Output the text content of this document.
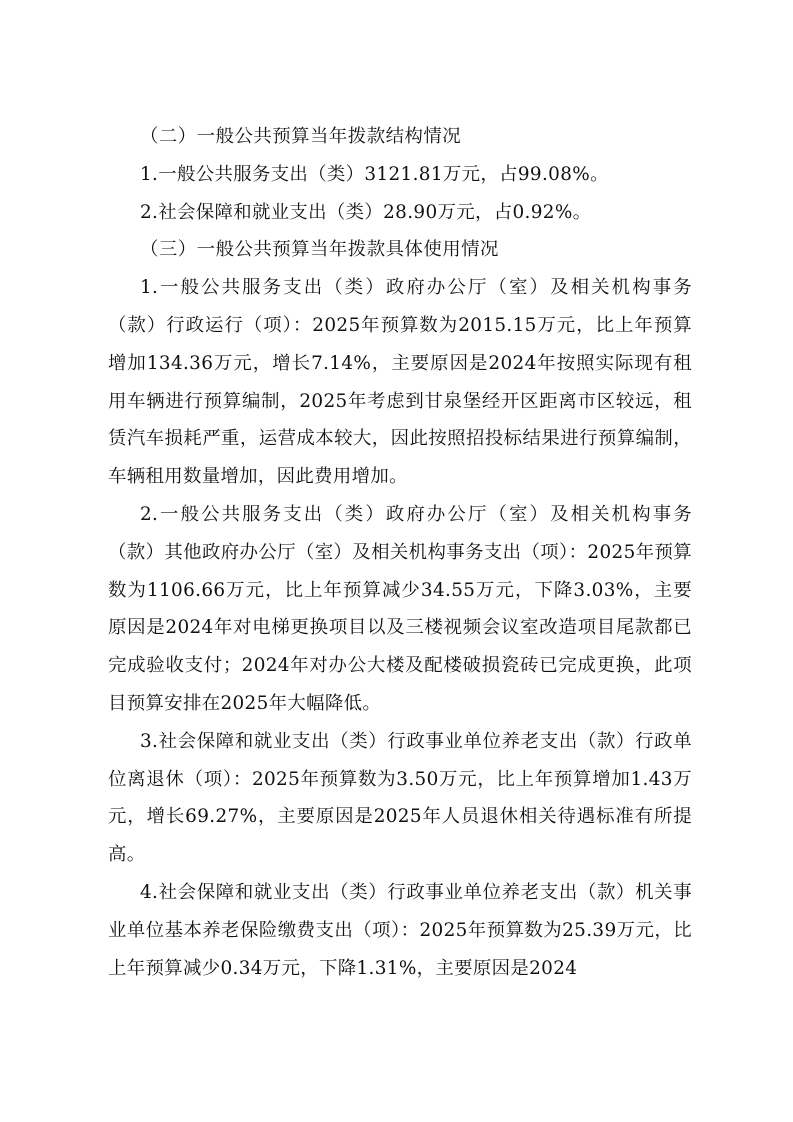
（二）一般公共预算当年拨款结构情况

1.一般公共服务支出（类）3121.81万元，占99.08%。

2.社会保障和就业支出（类）28.90万元，占0.92%。

（三）一般公共预算当年拨款具体使用情况

1.一般公共服务支出（类）政府办公厅（室）及相关机构事务（款）行政运行（项）：2025年预算数为2015.15万元，比上年预算增加134.36万元，增长7.14%，主要原因是2024年按照实际现有租用车辆进行预算编制，2025年考虑到甘泉堡经开区距离市区较远，租赁汽车损耗严重，运营成本较大，因此按照招投标结果进行预算编制，车辆租用数量增加，因此费用增加。

2.一般公共服务支出（类）政府办公厅（室）及相关机构事务（款）其他政府办公厅（室）及相关机构事务支出（项）：2025年预算数为1106.66万元，比上年预算减少34.55万元，下降3.03%，主要原因是2024年对电梯更换项目以及三楼视频会议室改造项目尾款都已完成验收支付；2024年对办公大楼及配楼破损瓷砖已完成更换，此项目预算安排在2025年大幅降低。

3.社会保障和就业支出（类）行政事业单位养老支出（款）行政单位离退休（项）：2025年预算数为3.50万元，比上年预算增加1.43万元，增长69.27%，主要原因是2025年人员退休相关待遇标准有所提高。

4.社会保障和就业支出（类）行政事业单位养老支出（款）机关事业单位基本养老保险缴费支出（项）：2025年预算数为25.39万元，比上年预算减少0.34万元，下降1.31%，主要原因是2024
